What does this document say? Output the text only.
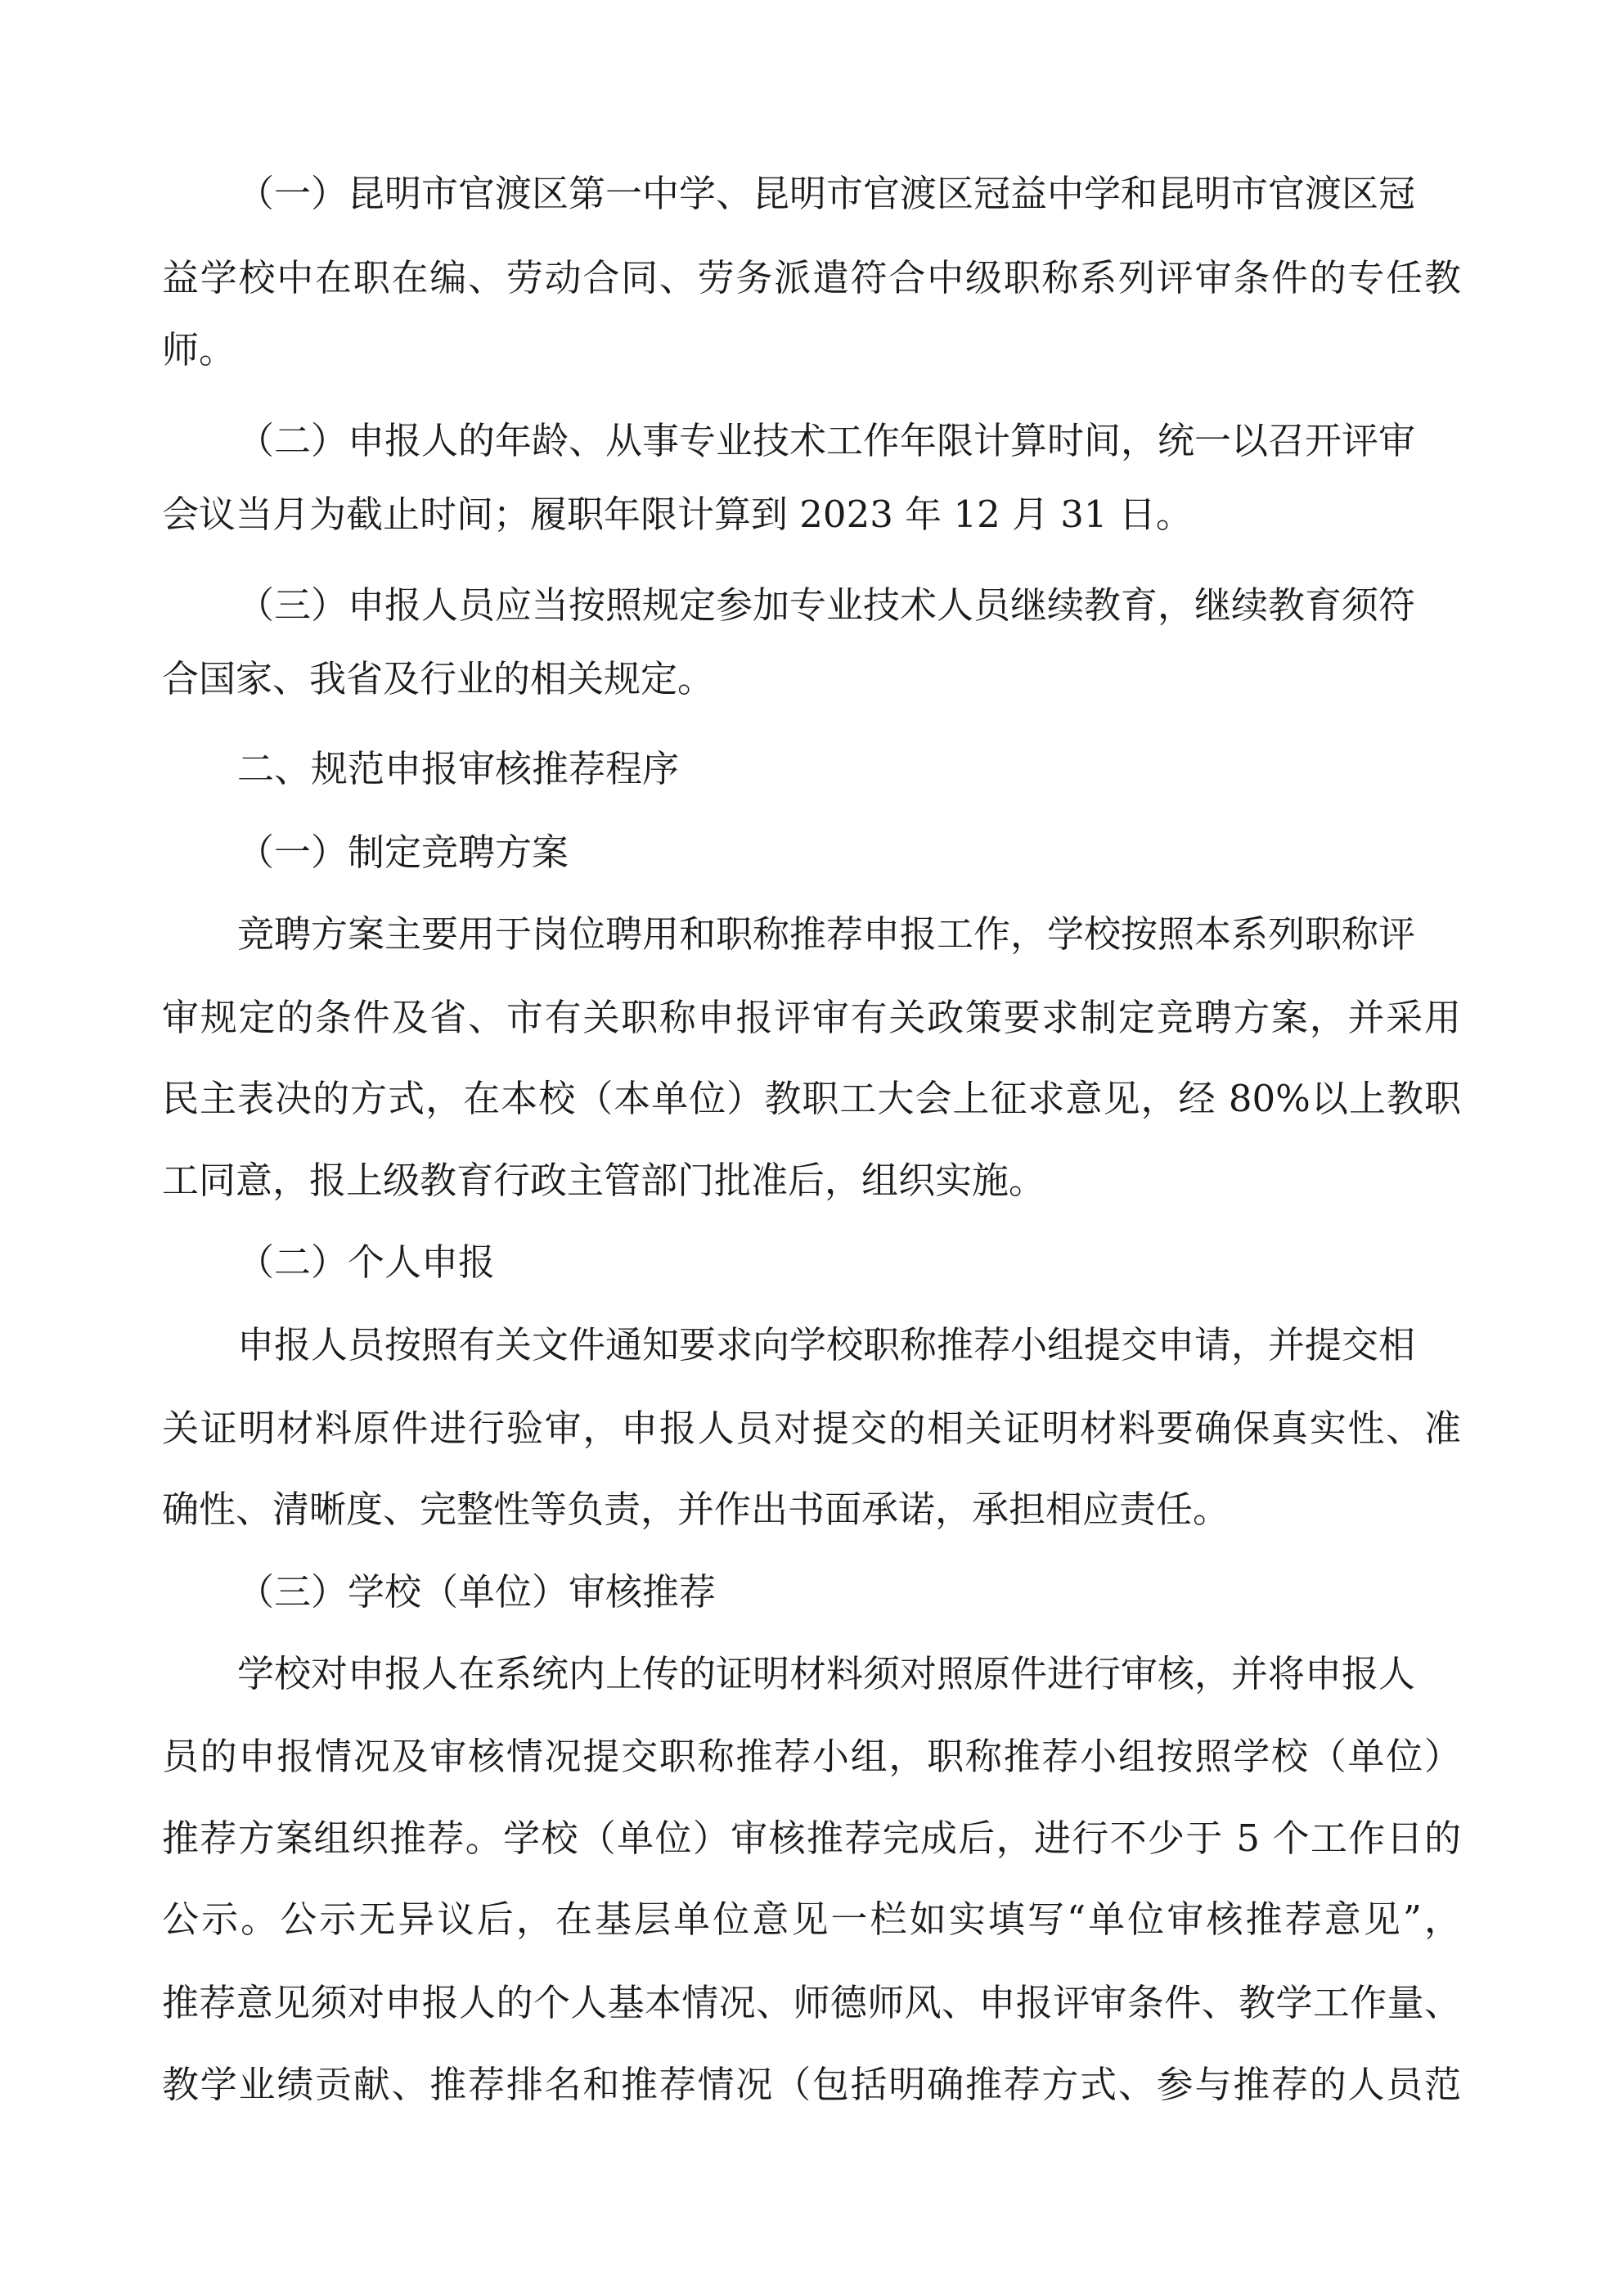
（一）昆明市官渡区第一中学、昆明市官渡区冠益中学和昆明市官渡区冠

益学校中在职在编、劳动合同、劳务派遣符合中级职称系列评审条件的专任教

师。

（二）申报人的年龄、从事专业技术工作年限计算时间，统一以召开评审

会议当月为截止时间；履职年限计算到 2023 年 12 月 31 日。

（三）申报人员应当按照规定参加专业技术人员继续教育，继续教育须符

合国家、我省及行业的相关规定。

二、规范申报审核推荐程序

（一）制定竞聘方案

竞聘方案主要用于岗位聘用和职称推荐申报工作，学校按照本系列职称评

审规定的条件及省、市有关职称申报评审有关政策要求制定竞聘方案，并采用

民主表决的方式，在本校（本单位）教职工大会上征求意见，经 80%以上教职

工同意，报上级教育行政主管部门批准后，组织实施。

（二）个人申报

申报人员按照有关文件通知要求向学校职称推荐小组提交申请，并提交相

关证明材料原件进行验审，申报人员对提交的相关证明材料要确保真实性、准

确性、清晰度、完整性等负责，并作出书面承诺，承担相应责任。

（三）学校（单位）审核推荐

学校对申报人在系统内上传的证明材料须对照原件进行审核，并将申报人

员的申报情况及审核情况提交职称推荐小组，职称推荐小组按照学校（单位）

推荐方案组织推荐。学校（单位）审核推荐完成后，进行不少于 5 个工作日的

公示。公示无异议后，在基层单位意见一栏如实填写“单位审核推荐意见”，

推荐意见须对申报人的个人基本情况、师德师风、申报评审条件、教学工作量、

教学业绩贡献、推荐排名和推荐情况（包括明确推荐方式、参与推荐的人员范
